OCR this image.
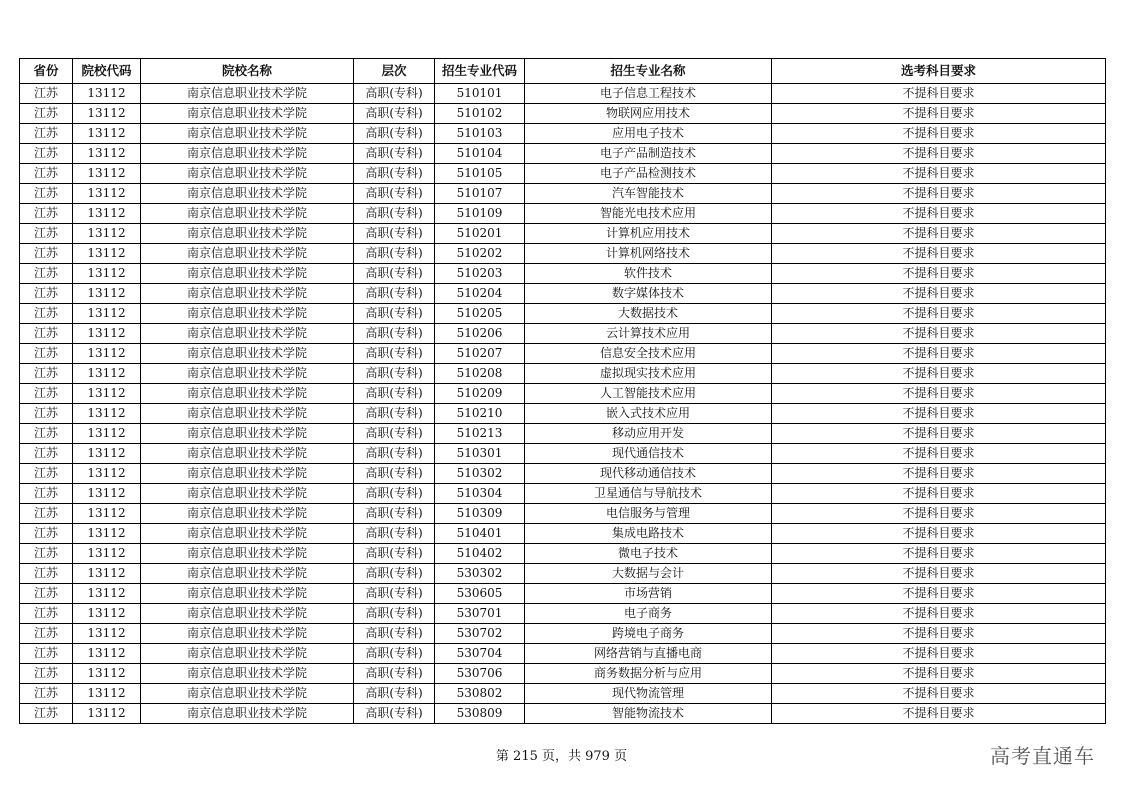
省份	院校代码	院校名称	层次	招生专业代码	招生专业名称	选考科目要求
江苏	13112	南京信息职业技术学院	高职(专科)	510101	电子信息工程技术	不提科目要求
江苏	13112	南京信息职业技术学院	高职(专科)	510102	物联网应用技术	不提科目要求
江苏	13112	南京信息职业技术学院	高职(专科)	510103	应用电子技术	不提科目要求
江苏	13112	南京信息职业技术学院	高职(专科)	510104	电子产品制造技术	不提科目要求
江苏	13112	南京信息职业技术学院	高职(专科)	510105	电子产品检测技术	不提科目要求
江苏	13112	南京信息职业技术学院	高职(专科)	510107	汽车智能技术	不提科目要求
江苏	13112	南京信息职业技术学院	高职(专科)	510109	智能光电技术应用	不提科目要求
江苏	13112	南京信息职业技术学院	高职(专科)	510201	计算机应用技术	不提科目要求
江苏	13112	南京信息职业技术学院	高职(专科)	510202	计算机网络技术	不提科目要求
江苏	13112	南京信息职业技术学院	高职(专科)	510203	软件技术	不提科目要求
江苏	13112	南京信息职业技术学院	高职(专科)	510204	数字媒体技术	不提科目要求
江苏	13112	南京信息职业技术学院	高职(专科)	510205	大数据技术	不提科目要求
江苏	13112	南京信息职业技术学院	高职(专科)	510206	云计算技术应用	不提科目要求
江苏	13112	南京信息职业技术学院	高职(专科)	510207	信息安全技术应用	不提科目要求
江苏	13112	南京信息职业技术学院	高职(专科)	510208	虚拟现实技术应用	不提科目要求
江苏	13112	南京信息职业技术学院	高职(专科)	510209	人工智能技术应用	不提科目要求
江苏	13112	南京信息职业技术学院	高职(专科)	510210	嵌入式技术应用	不提科目要求
江苏	13112	南京信息职业技术学院	高职(专科)	510213	移动应用开发	不提科目要求
江苏	13112	南京信息职业技术学院	高职(专科)	510301	现代通信技术	不提科目要求
江苏	13112	南京信息职业技术学院	高职(专科)	510302	现代移动通信技术	不提科目要求
江苏	13112	南京信息职业技术学院	高职(专科)	510304	卫星通信与导航技术	不提科目要求
江苏	13112	南京信息职业技术学院	高职(专科)	510309	电信服务与管理	不提科目要求
江苏	13112	南京信息职业技术学院	高职(专科)	510401	集成电路技术	不提科目要求
江苏	13112	南京信息职业技术学院	高职(专科)	510402	微电子技术	不提科目要求
江苏	13112	南京信息职业技术学院	高职(专科)	530302	大数据与会计	不提科目要求
江苏	13112	南京信息职业技术学院	高职(专科)	530605	市场营销	不提科目要求
江苏	13112	南京信息职业技术学院	高职(专科)	530701	电子商务	不提科目要求
江苏	13112	南京信息职业技术学院	高职(专科)	530702	跨境电子商务	不提科目要求
江苏	13112	南京信息职业技术学院	高职(专科)	530704	网络营销与直播电商	不提科目要求
江苏	13112	南京信息职业技术学院	高职(专科)	530706	商务数据分析与应用	不提科目要求
江苏	13112	南京信息职业技术学院	高职(专科)	530802	现代物流管理	不提科目要求
江苏	13112	南京信息职业技术学院	高职(专科)	530809	智能物流技术	不提科目要求
第 215 页，共 979 页	高考直通车
